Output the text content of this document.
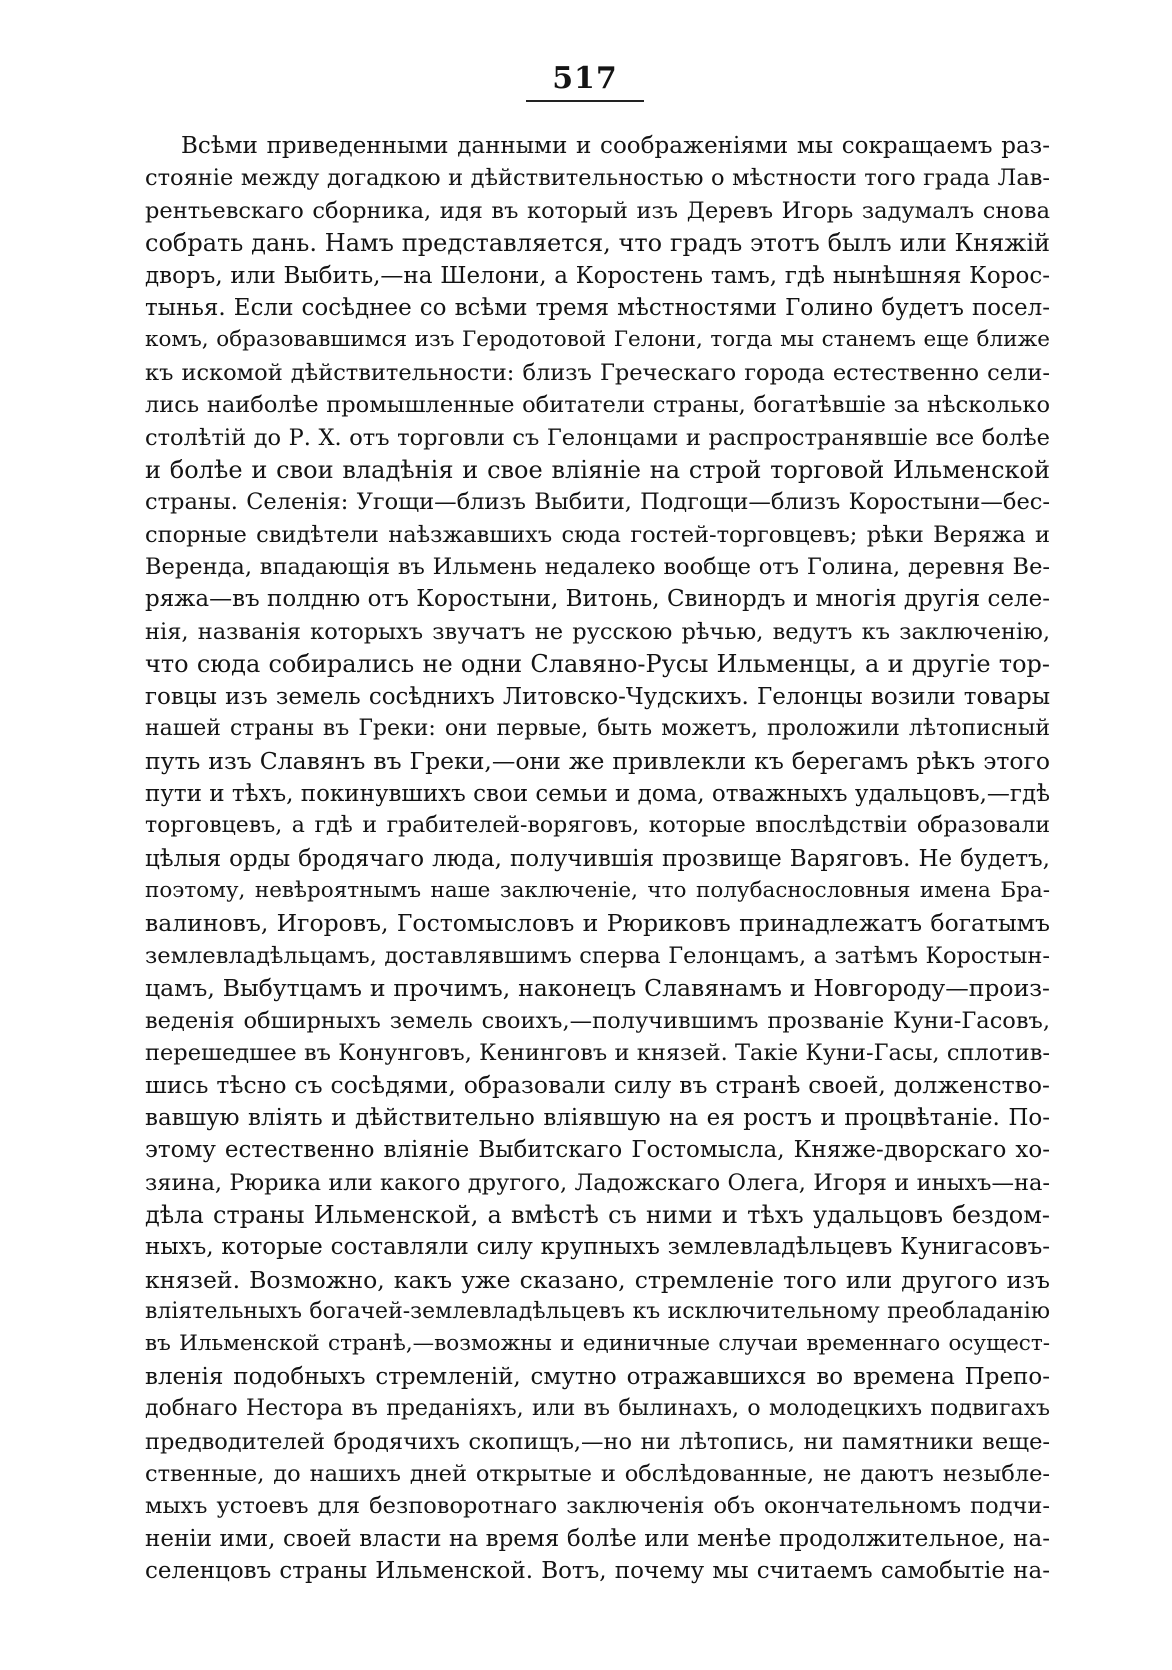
517
Всѣми приведенными данными и соображеніями мы сокращаемъ раз-
стояніе между догадкою и дѣйствительностью о мѣстности того града Лав-
рентьевскаго сборника, идя въ который изъ Деревъ Игорь задумалъ снова
собрать дань. Намъ представляется, что градъ этотъ былъ или Княжій
дворъ, или Выбить,—на Шелони, а Коростень тамъ, гдѣ нынѣшняя Корос-
тынья. Если сосѣднее со всѣми тремя мѣстностями Голино будетъ посел-
комъ, образовавшимся изъ Геродотовой Гелони, тогда мы станемъ еще ближе
къ искомой дѣйствительности: близъ Греческаго города естественно сели-
лись наиболѣе промышленные обитатели страны, богатѣвшіе за нѣсколько
столѣтій до Р. Х. отъ торговли съ Гелонцами и распространявшіе все болѣе
и болѣе и свои владѣнія и свое вліяніе на строй торговой Ильменской
страны. Селенія: Угощи—близъ Выбити, Подгощи—близъ Коростыни—бес-
спорные свидѣтели наѣзжавшихъ сюда гостей-торговцевъ; рѣки Веряжа и
Веренда, впадающія въ Ильмень недалеко вообще отъ Голина, деревня Ве-
ряжа—въ полдню отъ Коростыни, Витонь, Свинордъ и многія другія селе-
нія, названія которыхъ звучатъ не русскою рѣчью, ведутъ къ заключенію,
что сюда собирались не одни Славяно-Русы Ильменцы, а и другіе тор-
говцы изъ земель сосѣднихъ Литовско-Чудскихъ. Гелонцы возили товары
нашей страны въ Греки: они первые, быть можетъ, проложили лѣтописный
путь изъ Славянъ въ Греки,—они же привлекли къ берегамъ рѣкъ этого
пути и тѣхъ, покинувшихъ свои семьи и дома, отважныхъ удальцовъ,—гдѣ
торговцевъ, а гдѣ и грабителей-воряговъ, которые впослѣдствіи образовали
цѣлыя орды бродячаго люда, получившія прозвище Варяговъ. Не будетъ,
поэтому, невѣроятнымъ наше заключеніе, что полубаснословныя имена Бра-
валиновъ, Игоровъ, Гостомысловъ и Рюриковъ принадлежатъ богатымъ
землевладѣльцамъ, доставлявшимъ сперва Гелонцамъ, а затѣмъ Коростын-
цамъ, Выбутцамъ и прочимъ, наконецъ Славянамъ и Новгороду—произ-
веденія обширныхъ земель своихъ,—получившимъ прозваніе Куни-Гасовъ,
перешедшее въ Конунговъ, Кенинговъ и князей. Такіе Куни-Гасы, сплотив-
шись тѣсно съ сосѣдями, образовали силу въ странѣ своей, долженство-
вавшую вліять и дѣйствительно вліявшую на ея ростъ и процвѣтаніе. По-
этому естественно вліяніе Выбитскаго Гостомысла, Княже-дворскаго хо-
зяина, Рюрика или какого другого, Ладожскаго Олега, Игоря и иныхъ—на-
дѣла страны Ильменской, а вмѣстѣ съ ними и тѣхъ удальцовъ бездом-
ныхъ, которые составляли силу крупныхъ землевладѣльцевъ Кунигасовъ-
князей. Возможно, какъ уже сказано, стремленіе того или другого изъ
вліятельныхъ богачей-землевладѣльцевъ къ исключительному преобладанію
въ Ильменской странѣ,—возможны и единичные случаи временнаго осущест-
вленія подобныхъ стремленій, смутно отражавшихся во времена Препо-
добнаго Нестора въ преданіяхъ, или въ былинахъ, о молодецкихъ подвигахъ
предводителей бродячихъ скопищъ,—но ни лѣтопись, ни памятники веще-
ственные, до нашихъ дней открытые и обслѣдованные, не даютъ незыблe-
мыхъ устоевъ для безповоротнаго заключенія объ окончательномъ подчи-
неніи ими, своей власти на время болѣе или менѣе продолжительное, на-
селенцовъ страны Ильменской. Вотъ, почему мы считаемъ самобытіе на-
